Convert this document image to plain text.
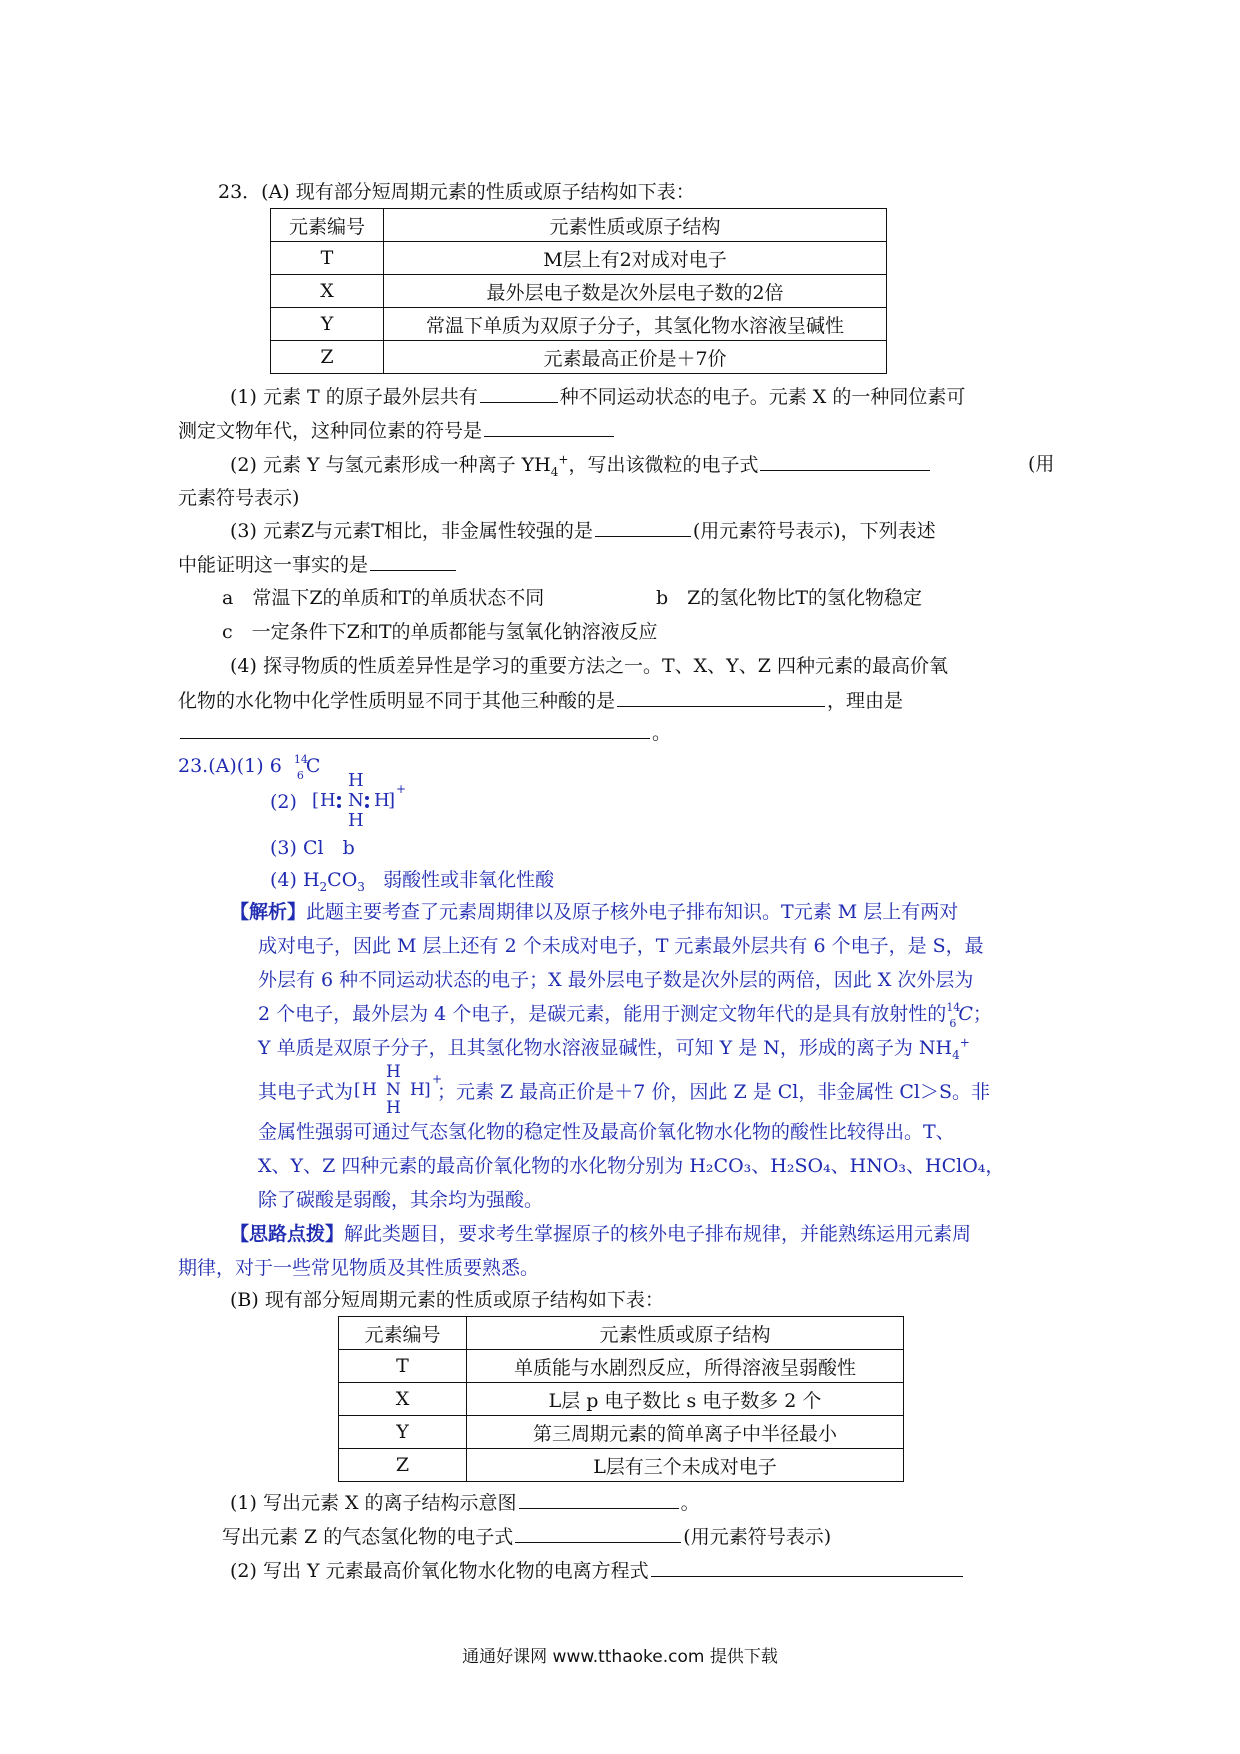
23．(A) 现有部分短周期元素的性质或原子结构如下表：
元素编号	元素性质或原子结构
T	M层上有2对成对电子
X	最外层电子数是次外层电子数的2倍
Y	常温下单质为双原子分子，其氢化物水溶液呈碱性
Z	元素最高正价是＋7价
(1) 元素 T 的原子最外层共有	种不同运动状态的电子。元素 X 的一种同位素可
测定文物年代，这种同位素的符号是
(2) 元素 Y 与氢元素形成一种离子 $YH_4^+$，写出该微粒的电子式	(用
元素符号表示)
(3) 元素Z与元素T相比，非金属性较强的是	(用元素符号表示)，下列表述
中能证明这一事实的是
a　常温下Z的单质和T的单质状态不同	b　Z的氢化物比T的氢化物稳定
c　一定条件下Z和T的单质都能与氢氧化钠溶液反应
(4) 探寻物质的性质差异性是学习的重要方法之一。T、X、Y、Z 四种元素的最高价氧
化物的水化物中化学性质明显不同于其他三种酸的是	，理由是
。
23.(A)(1) 6 14
6 C
(2)
H
[ H N H
]
+
H
(3) Cl　b
(4) $H_2CO_3$ 弱酸性或非氧化性酸
【解析】此题主要考查了元素周期律以及原子核外电子排布知识。T元素 M 层上有两对
成对电子，因此 M 层上还有 2 个未成对电子，T 元素最外层共有 6 个电子，是 S，最
外层有 6 种不同运动状态的电子；X 最外层电子数是次外层的两倍，因此 X 次外层为
2 个电子，最外层为 4 个电子，是碳元素，能用于测定文物年代的是具有放射性的 14
6 C；
Y 单质是双原子分子，且其氢化物水溶液显碱性，可知 Y 是 N，形成的离子为 $NH_4^+$
其电子式为	；元素 Z 最高正价是＋7 价，因此 Z 是 Cl，非金属性 Cl＞S。非
H
[ H N H ]
+
H
金属性强弱可通过气态氢化物的稳定性及最高价氧化物水化物的酸性比较得出。T、
X、Y、Z 四种元素的最高价氧化物的水化物分别为 H₂CO₃、H₂SO₄、HNO₃、HClO₄，
除了碳酸是弱酸，其余均为强酸。
【思路点拨】解此类题目，要求考生掌握原子的核外电子排布规律，并能熟练运用元素周
期律，对于一些常见物质及其性质要熟悉。
(B) 现有部分短周期元素的性质或原子结构如下表：
元素编号	元素性质或原子结构
T	单质能与水剧烈反应，所得溶液呈弱酸性
X	L层 p 电子数比 s 电子数多 2 个
Y	第三周期元素的简单离子中半径最小
Z	L层有三个未成对电子
(1) 写出元素 X 的离子结构示意图	。
写出元素 Z 的气态氢化物的电子式	(用元素符号表示)
(2) 写出 Y 元素最高价氧化物水化物的电离方程式
通通好课网 www.tthaoke.com 提供下载
